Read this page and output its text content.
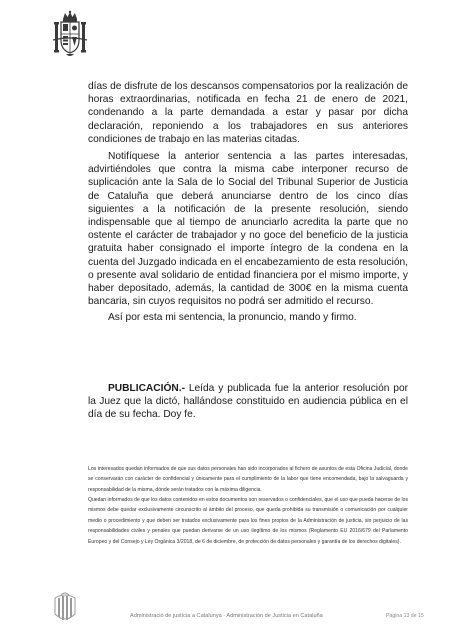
días de disfrute de los descansos compensatorios por la realización de horas extraordinarias, notificada en fecha 21 de enero de 2021, condenando a la parte demandada a estar y pasar por dicha declaración, reponiendo a los trabajadores en sus anteriores condiciones de trabajo en las materias citadas.

Notifíquese la anterior sentencia a las partes interesadas, advirtiéndoles que contra la misma cabe interponer recurso de suplicación ante la Sala de lo Social del Tribunal Superior de Justicia de Cataluña que deberá anunciarse dentro de los cinco días siguientes a la notificación de la presente resolución, siendo indispensable que al tiempo de anunciarlo acredita la parte que no ostente el carácter de trabajador y no goce del beneficio de la justicia gratuita haber consignado el importe íntegro de la condena en la cuenta del Juzgado indicada en el encabezamiento de esta resolución, o presente aval solidario de entidad financiera por el mismo importe, y haber depositado, además, la cantidad de 300€ en la misma cuenta bancaria, sin cuyos requisitos no podrá ser admitido el recurso.

Así por esta mi sentencia, la pronuncio, mando y firmo.

PUBLICACIÓN.- Leída y publicada fue la anterior resolución por la Juez que la dictó, hallándose constituido en audiencia pública en el día de su fecha. Doy fe.

Los interesados quedan informados de que sus datos personales han sido incorporados al fichero de asuntos de esta Oficina Judicial, donde se conservarán con carácter de confidencial y únicamente para el cumplimiento de la labor que tiene encomendada, bajo la salvaguarda y responsabilidad de la misma, dónde serán tratados con la máxima diligencia.

Quedan informados de que los datos contenidos en estos documentos son reservados o confidenciales, que el uso que pueda hacerse de los mismos debe quedar exclusivamente circunscrito al ámbito del proceso, que queda prohibida su transmisión o comunicación por cualquier medio o procedimiento y que deben ser tratados exclusivamente para los fines propios de la Administración de justicia, sin perjuicio de las responsabilidades civiles y penales que puedan derivarse de un uso ilegítimo de los mismos (Reglamento EU 2016/679 del Parlamento Europeo y del Consejo y Ley Orgánica 3/2018, de 6 de diciembre, de protección de datos personales y garantía de los derechos digitales).

Administració de justícia a Catalunya · Administración de Justicia en Cataluña	Página 13 de 15
